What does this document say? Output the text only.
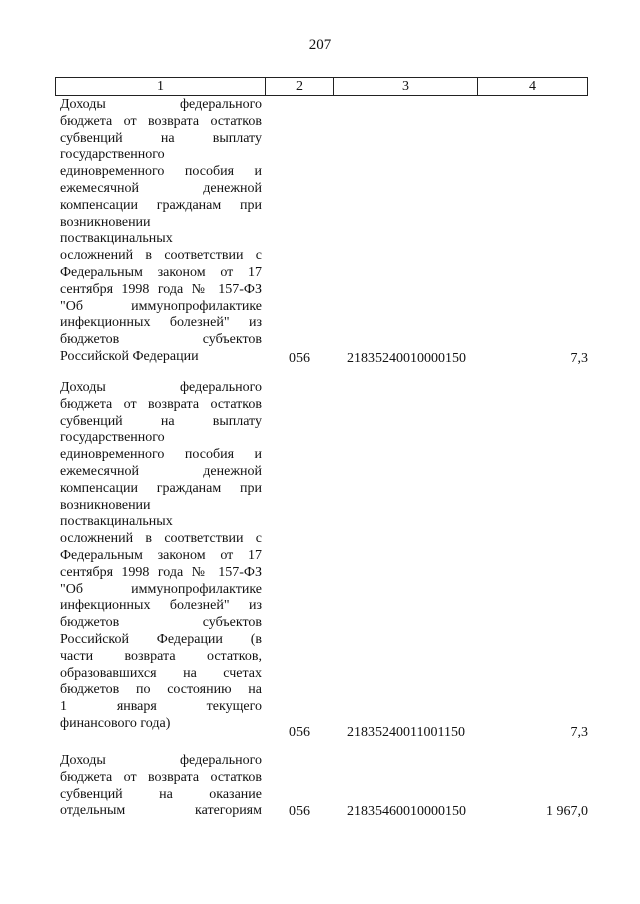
207
1	2	3	4
Доходы федерального
бюджета от возврата остатков
субвенций на выплату
государственного
единовременного пособия и
ежемесячной денежной
компенсации гражданам при
возникновении
поствакцинальных
осложнений в соответствии с
Федеральным законом от 17
сентября 1998 года № 157-ФЗ
"Об иммунопрофилактике
инфекционных болезней" из
бюджетов субъектов
Российской Федерации	056	21835240010000150	7,3
Доходы федерального
бюджета от возврата остатков
субвенций на выплату
государственного
единовременного пособия и
ежемесячной денежной
компенсации гражданам при
возникновении
поствакцинальных
осложнений в соответствии с
Федеральным законом от 17
сентября 1998 года № 157-ФЗ
"Об иммунопрофилактике
инфекционных болезней" из
бюджетов субъектов
Российской Федерации (в
части возврата остатков,
образовавшихся на счетах
бюджетов по состоянию на
1 января текущего
финансового года)
056	21835240011001150	7,3
Доходы федерального
бюджета от возврата остатков
субвенций на оказание
отдельным категориям 056	21835460010000150	1 967,0
